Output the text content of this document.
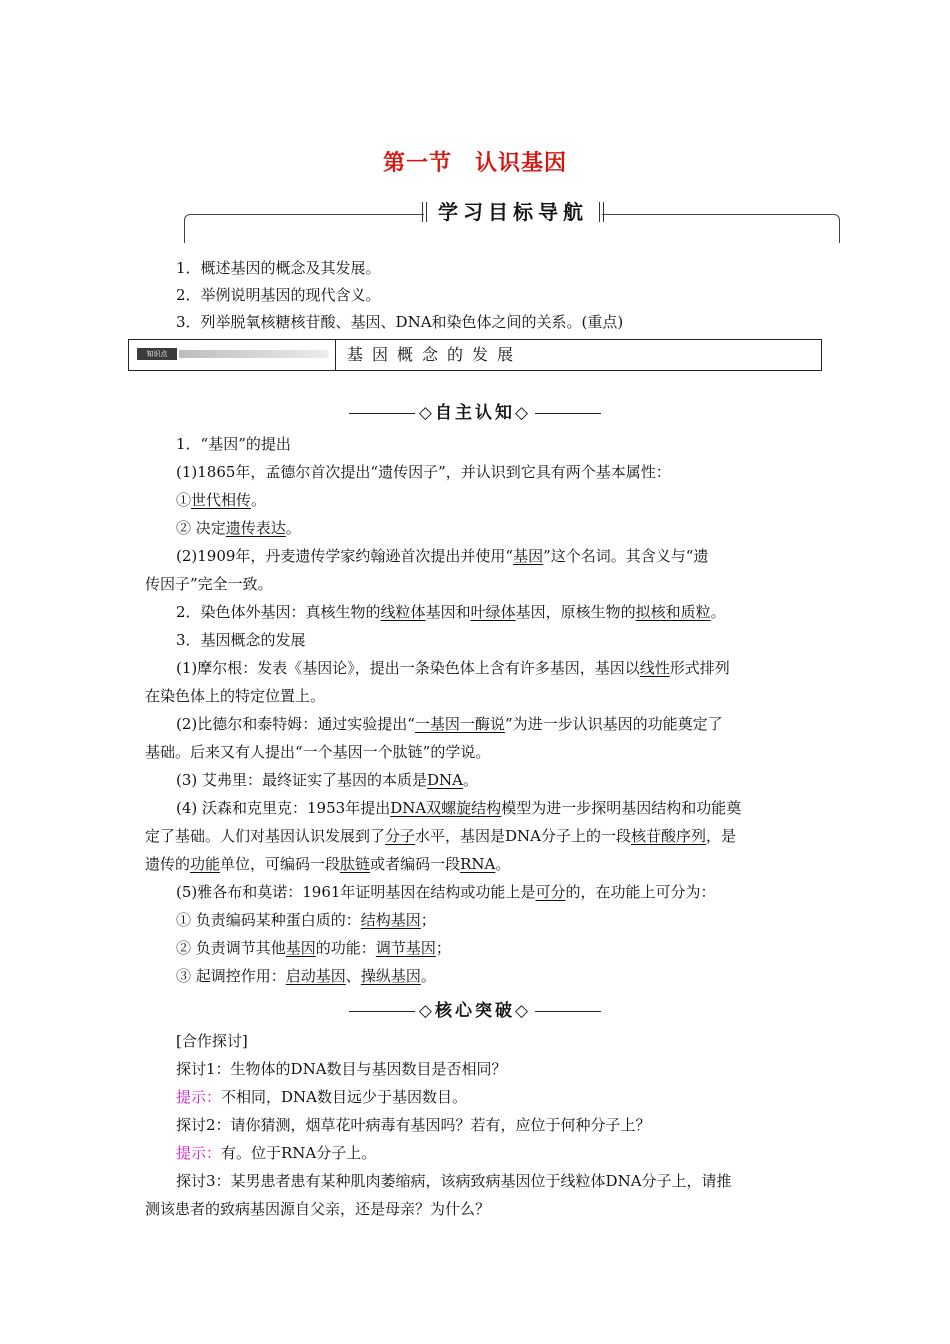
第一节　认识基因
学习目标导航
1．概述基因的概念及其发展。
2．举例说明基因的现代含义。
3．列举脱氧核糖核苷酸、基因、DNA和染色体之间的关系。(重点)
知识点	基因概念的发展
◇自主认知◇
1．“基因”的提出
(1)1865年，孟德尔首次提出“遗传因子”，并认识到它具有两个基本属性：
①世代相传。
② 决定遗传表达。
(2)1909年，丹麦遗传学家约翰逊首次提出并使用“基因”这个名词。其含义与“遗
传因子”完全一致。
2．染色体外基因：真核生物的线粒体基因和叶绿体基因，原核生物的拟核和质粒。
3．基因概念的发展
(1)摩尔根：发表《基因论》，提出一条染色体上含有许多基因，基因以线性形式排列
在染色体上的特定位置上。
(2)比德尔和泰特姆：通过实验提出“一基因一酶说”为进一步认识基因的功能奠定了
基础。后来又有人提出“一个基因一个肽链”的学说。
(3) 艾弗里：最终证实了基因的本质是DNA。
(4) 沃森和克里克：1953年提出DNA双螺旋结构模型为进一步探明基因结构和功能奠
定了基础。人们对基因认识发展到了分子水平，基因是DNA分子上的一段核苷酸序列，是
遗传的功能单位，可编码一段肽链或者编码一段RNA。
(5)雅各布和莫诺：1961年证明基因在结构或功能上是可分的，在功能上可分为：
① 负责编码某种蛋白质的：结构基因；
② 负责调节其他基因的功能：调节基因；
③ 起调控作用：启动基因、操纵基因。
◇核心突破◇
[合作探讨]
探讨1：生物体的DNA数目与基因数目是否相同？
提示：不相同，DNA数目远少于基因数目。
探讨2：请你猜测，烟草花叶病毒有基因吗？若有，应位于何种分子上？
提示：有。位于RNA分子上。
探讨3：某男患者患有某种肌肉萎缩病，该病致病基因位于线粒体DNA分子上，请推
测该患者的致病基因源自父亲，还是母亲？为什么？
